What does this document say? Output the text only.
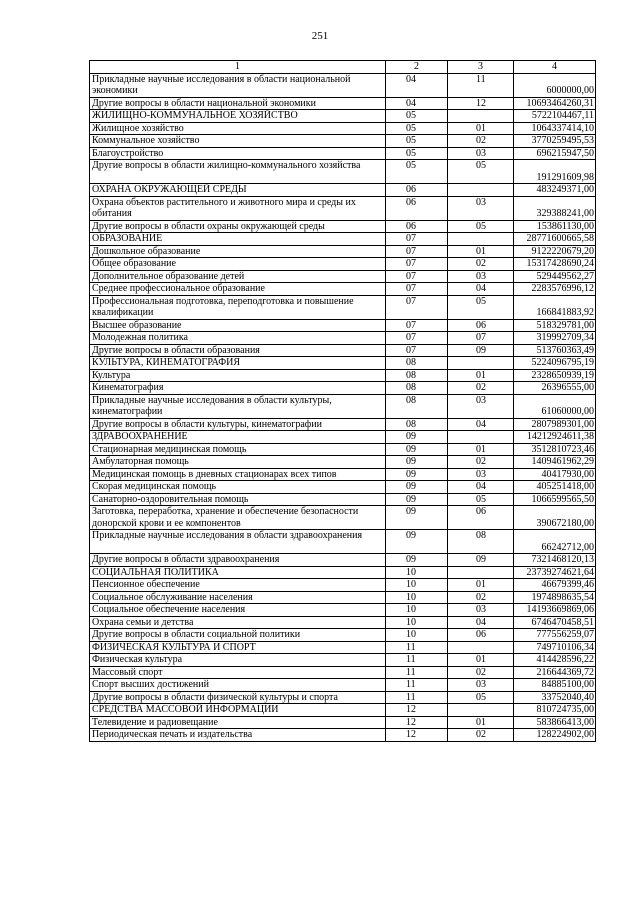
251
1	2	3	4
Прикладные научные исследования в области национальной экономики	04	11	6000000,00
Другие вопросы в области национальной экономики	04	12	10693464260,31
ЖИЛИЩНО-КОММУНАЛЬНОЕ ХОЗЯЙСТВО	05		5722104467,11
Жилищное хозяйство	05	01	1064337414,10
Коммунальное хозяйство	05	02	3770259495,53
Благоустройство	05	03	696215947,50
Другие вопросы в области жилищно-коммунального хозяйства	05	05	191291609,98
ОХРАНА ОКРУЖАЮЩЕЙ СРЕДЫ	06		483249371,00
Охрана объектов растительного и животного мира и среды их обитания	06	03	329388241,00
Другие вопросы в области охраны окружающей среды	06	05	153861130,00
ОБРАЗОВАНИЕ	07		28771600665,58
Дошкольное образование	07	01	9122220679,20
Общее образование	07	02	15317428690,24
Дополнительное образование детей	07	03	529449562,27
Среднее профессиональное образование	07	04	2283576996,12
Профессиональная подготовка, переподготовка и повышение квалификации	07	05	166841883,92
Высшее образование	07	06	518329781,00
Молодежная политика	07	07	319992709,34
Другие вопросы в области образования	07	09	513760363,49
КУЛЬТУРА, КИНЕМАТОГРАФИЯ	08		5224096795,19
Культура	08	01	2328650939,19
Кинематография	08	02	26396555,00
Прикладные научные исследования в области культуры, кинематографии	08	03	61060000,00
Другие вопросы в области культуры, кинематографии	08	04	2807989301,00
ЗДРАВООХРАНЕНИЕ	09		14212924611,38
Стационарная медицинская помощь	09	01	3512810723,46
Амбулаторная помощь	09	02	1409461962,29
Медицинская помощь в дневных стационарах всех типов	09	03	40417930,00
Скорая медицинская помощь	09	04	405251418,00
Санаторно-оздоровительная помощь	09	05	1066599565,50
Заготовка, переработка, хранение и обеспечение безопасности донорской крови и ее компонентов	09	06	390672180,00
Прикладные научные исследования в области здравоохранения	09	08	66242712,00
Другие вопросы в области здравоохранения	09	09	7321468120,13
СОЦИАЛЬНАЯ ПОЛИТИКА	10		23739274621,64
Пенсионное обеспечение	10	01	46679399,46
Социальное обслуживание населения	10	02	1974898635,54
Социальное обеспечение населения	10	03	14193669869,06
Охрана семьи и детства	10	04	6746470458,51
Другие вопросы в области социальной политики	10	06	777556259,07
ФИЗИЧЕСКАЯ КУЛЬТУРА И СПОРТ	11		749710106,34
Физическая культура	11	01	414428596,22
Массовый спорт	11	02	216644369,72
Спорт высших достижений	11	03	84885100,00
Другие вопросы в области физической культуры и спорта	11	05	33752040,40
СРЕДСТВА МАССОВОЙ ИНФОРМАЦИИ	12		810724735,00
Телевидение и радиовещание	12	01	583866413,00
Периодическая печать и издательства	12	02	128224902,00
